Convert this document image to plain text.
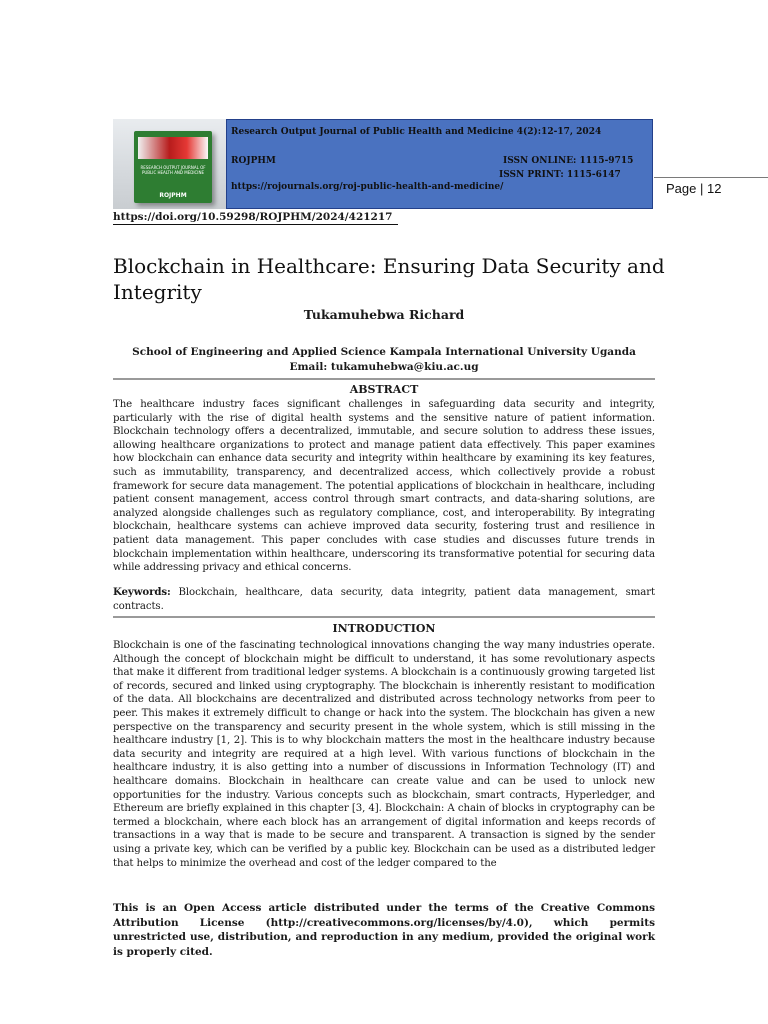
RESEARCH OUTPUT JOURNAL OF PUBLIC HEALTH AND MEDICINE
ROJPHM
Research Output Journal of Public Health and Medicine 4(2):12-17, 2024
ROJPHM	ISSN ONLINE: 1115-9715
ISSN PRINT: 1115-6147
https://rojournals.org/roj-public-health-and-medicine/	Page | 12
https://doi.org/10.59298/ROJPHM/2024/421217
Blockchain in Healthcare: Ensuring Data Security and Integrity
Tukamuhebwa Richard
School of Engineering and Applied Science Kampala International University Uganda
Email: tukamuhebwa@kiu.ac.ug
ABSTRACT

The healthcare industry faces significant challenges in safeguarding data security and integrity, particularly with the rise of digital health systems and the sensitive nature of patient information. Blockchain technology offers a decentralized, immutable, and secure solution to address these issues, allowing healthcare organizations to protect and manage patient data effectively. This paper examines how blockchain can enhance data security and integrity within healthcare by examining its key features, such as immutability, transparency, and decentralized access, which collectively provide a robust framework for secure data management. The potential applications of blockchain in healthcare, including patient consent management, access control through smart contracts, and data-sharing solutions, are analyzed alongside challenges such as regulatory compliance, cost, and interoperability. By integrating blockchain, healthcare systems can achieve improved data security, fostering trust and resilience in patient data management. This paper concludes with case studies and discusses future trends in blockchain implementation within healthcare, underscoring its transformative potential for securing data while addressing privacy and ethical concerns.

Keywords: Blockchain, healthcare, data security, data integrity, patient data management, smart contracts.

INTRODUCTION

Blockchain is one of the fascinating technological innovations changing the way many industries operate. Although the concept of blockchain might be difficult to understand, it has some revolutionary aspects that make it different from traditional ledger systems. A blockchain is a continuously growing targeted list of records, secured and linked using cryptography. The blockchain is inherently resistant to modification of the data. All blockchains are decentralized and distributed across technology networks from peer to peer. This makes it extremely difficult to change or hack into the system. The blockchain has given a new perspective on the transparency and security present in the whole system, which is still missing in the healthcare industry [1, 2]. This is to why blockchain matters the most in the healthcare industry because data security and integrity are required at a high level. With various functions of blockchain in the healthcare industry, it is also getting into a number of discussions in Information Technology (IT) and healthcare domains. Blockchain in healthcare can create value and can be used to unlock new opportunities for the industry. Various concepts such as blockchain, smart contracts, Hyperledger, and Ethereum are briefly explained in this chapter [3, 4]. Blockchain: A chain of blocks in cryptography can be termed a blockchain, where each block has an arrangement of digital information and keeps records of transactions in a way that is made to be secure and transparent. A transaction is signed by the sender using a private key, which can be verified by a public key. Blockchain can be used as a distributed ledger that helps to minimize the overhead and cost of the ledger compared to the

This is an Open Access article distributed under the terms of the Creative Commons Attribution License (http://creativecommons.org/licenses/by/4.0), which permits unrestricted use, distribution, and reproduction in any medium, provided the original work is properly cited.
